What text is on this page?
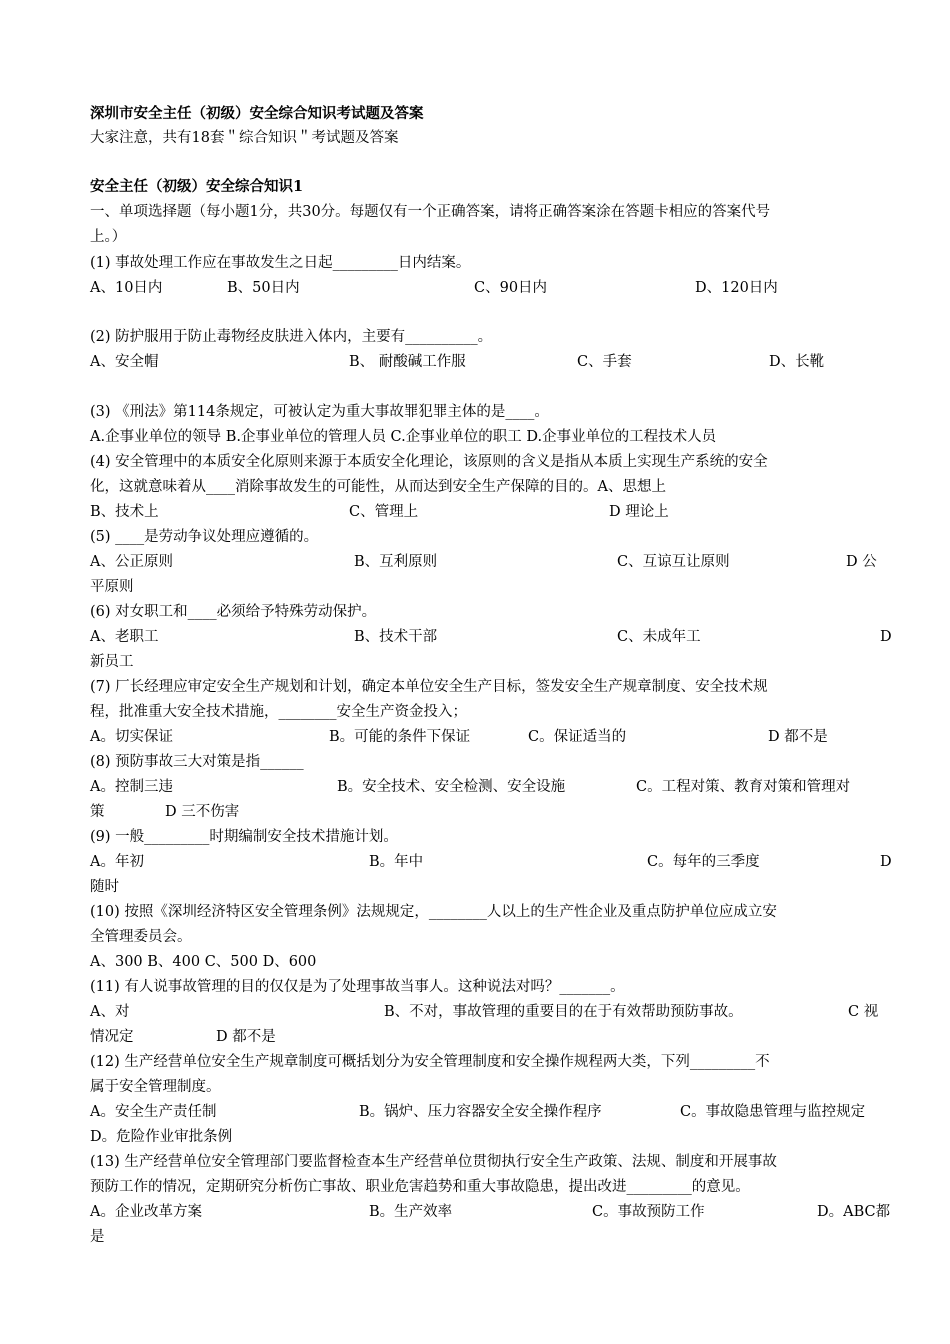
深圳市安全主任（初级）安全综合知识考试题及答案
大家注意，共有18套＂综合知识＂考试题及答案
安全主任（初级）安全综合知识1
一、单项选择题（每小题1分，共30分。每题仅有一个正确答案，请将正确答案涂在答题卡相应的答案代号
上。）
(1) 事故处理工作应在事故发生之日起_________日内结案。
A、10日内	B、50日内	C、90日内	D、120日内
(2) 防护服用于防止毒物经皮肤进入体内，主要有__________。
A、安全帽	B、 耐酸碱工作服	C、手套	D、长靴
(3) 《刑法》第114条规定，可被认定为重大事故罪犯罪主体的是____。
A.企事业单位的领导 B.企事业单位的管理人员 C.企事业单位的职工 D.企事业单位的工程技术人员
(4) 安全管理中的本质安全化原则来源于本质安全化理论，该原则的含义是指从本质上实现生产系统的安全
化，这就意味着从____消除事故发生的可能性，从而达到安全生产保障的目的。A、思想上
B、技术上	C、管理上	D 理论上
(5) ____是劳动争议处理应遵循的。
A、公正原则	B、互利原则	C、互谅互让原则	D 公
平原则
(6) 对女职工和____必须给予特殊劳动保护。
A、老职工	B、技术干部	C、未成年工	D
新员工
(7) 厂长经理应审定安全生产规划和计划，确定本单位安全生产目标，签发安全生产规章制度、安全技术规
程，批准重大安全技术措施，________安全生产资金投入；
A。切实保证	B。可能的条件下保证	C。保证适当的	D 都不是
(8) 预防事故三大对策是指______
A。控制三违	B。安全技术、安全检测、安全设施	C。工程对策、教育对策和管理对
策	D 三不伤害
(9) 一般_________时期编制安全技术措施计划。
A。年初	B。年中	C。每年的三季度	D
随时
(10) 按照《深圳经济特区安全管理条例》法规规定，________人以上的生产性企业及重点防护单位应成立安
全管理委员会。
A、300 B、400 C、500 D、600
(11) 有人说事故管理的目的仅仅是为了处理事故当事人。这种说法对吗？_______。
A、对	B、不对，事故管理的重要目的在于有效帮助预防事故。	C 视
情况定	D 都不是
(12) 生产经营单位安全生产规章制度可概括划分为安全管理制度和安全操作规程两大类，下列_________不
属于安全管理制度。
A。安全生产责任制	B。锅炉、压力容器安全安全操作程序	C。事故隐患管理与监控规定
D。危险作业审批条例
(13) 生产经营单位安全管理部门要监督检查本生产经营单位贯彻执行安全生产政策、法规、制度和开展事故
预防工作的情况，定期研究分析伤亡事故、职业危害趋势和重大事故隐患，提出改进_________的意见。
A。企业改革方案	B。生产效率	C。事故预防工作	D。ABC都
是
